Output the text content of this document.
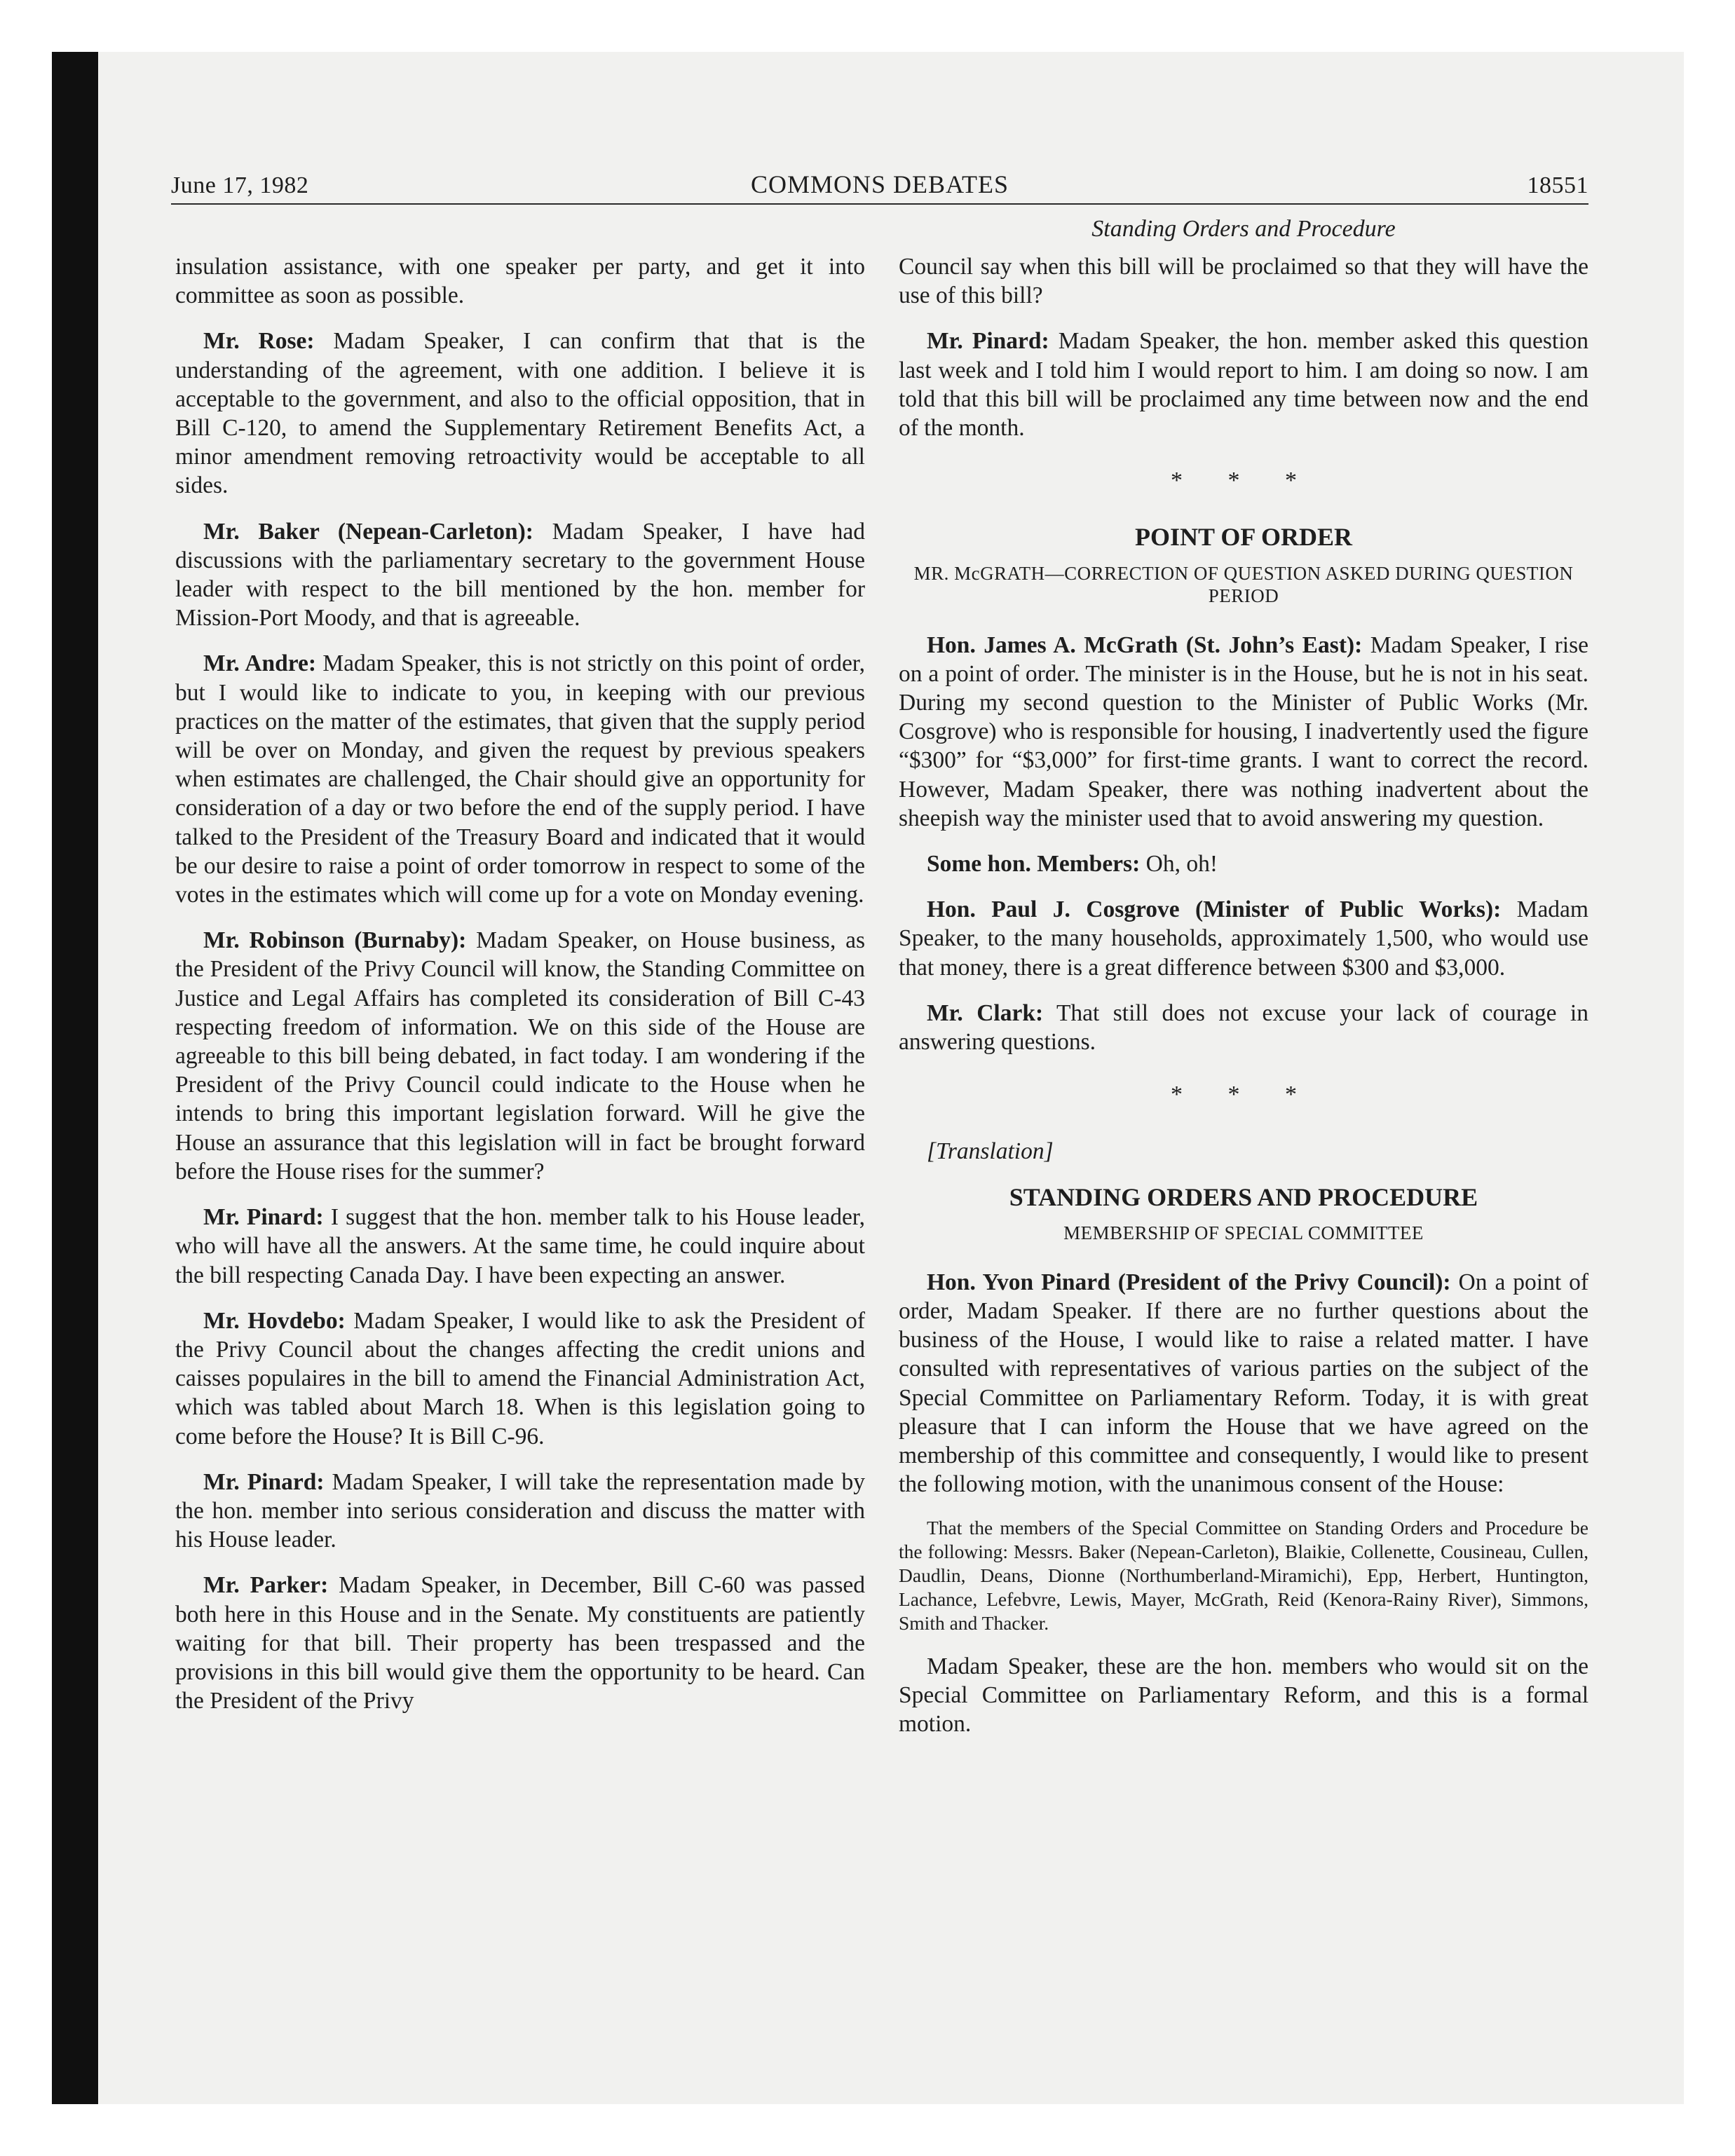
June 17, 1982	COMMONS DEBATES	18551
Standing Orders and Procedure

insulation assistance, with one speaker per party, and get it into committee as soon as possible.

Mr. Rose: Madam Speaker, I can confirm that that is the understanding of the agreement, with one addition. I believe it is acceptable to the government, and also to the official opposition, that in Bill C-120, to amend the Supplementary Retirement Benefits Act, a minor amendment removing retroactivity would be acceptable to all sides.

Mr. Baker (Nepean-Carleton): Madam Speaker, I have had discussions with the parliamentary secretary to the government House leader with respect to the bill mentioned by the hon. member for Mission-Port Moody, and that is agreeable.

Mr. Andre: Madam Speaker, this is not strictly on this point of order, but I would like to indicate to you, in keeping with our previous practices on the matter of the estimates, that given that the supply period will be over on Monday, and given the request by previous speakers when estimates are challenged, the Chair should give an opportunity for consideration of a day or two before the end of the supply period. I have talked to the President of the Treasury Board and indicated that it would be our desire to raise a point of order tomorrow in respect to some of the votes in the estimates which will come up for a vote on Monday evening.

Mr. Robinson (Burnaby): Madam Speaker, on House business, as the President of the Privy Council will know, the Standing Committee on Justice and Legal Affairs has completed its consideration of Bill C-43 respecting freedom of information. We on this side of the House are agreeable to this bill being debated, in fact today. I am wondering if the President of the Privy Council could indicate to the House when he intends to bring this important legislation forward. Will he give the House an assurance that this legislation will in fact be brought forward before the House rises for the summer?

Mr. Pinard: I suggest that the hon. member talk to his House leader, who will have all the answers. At the same time, he could inquire about the bill respecting Canada Day. I have been expecting an answer.

Mr. Hovdebo: Madam Speaker, I would like to ask the President of the Privy Council about the changes affecting the credit unions and caisses populaires in the bill to amend the Financial Administration Act, which was tabled about March 18. When is this legislation going to come before the House? It is Bill C-96.

Mr. Pinard: Madam Speaker, I will take the representation made by the hon. member into serious consideration and discuss the matter with his House leader.

Mr. Parker: Madam Speaker, in December, Bill C-60 was passed both here in this House and in the Senate. My constituents are patiently waiting for that bill. Their property has been trespassed and the provisions in this bill would give them the opportunity to be heard. Can the President of the Privy

Council say when this bill will be proclaimed so that they will have the use of this bill?

Mr. Pinard: Madam Speaker, the hon. member asked this question last week and I told him I would report to him. I am doing so now. I am told that this bill will be proclaimed any time between now and the end of the month.

* * *
POINT OF ORDER
MR. McGRATH—CORRECTION OF QUESTION ASKED DURING QUESTION PERIOD

Hon. James A. McGrath (St. John’s East): Madam Speaker, I rise on a point of order. The minister is in the House, but he is not in his seat. During my second question to the Minister of Public Works (Mr. Cosgrove) who is responsible for housing, I inadvertently used the figure “$300” for “$3,000” for first-time grants. I want to correct the record. However, Madam Speaker, there was nothing inadvertent about the sheepish way the minister used that to avoid answering my question.

Some hon. Members: Oh, oh!

Hon. Paul J. Cosgrove (Minister of Public Works): Madam Speaker, to the many households, approximately 1,500, who would use that money, there is a great difference between $300 and $3,000.

Mr. Clark: That still does not excuse your lack of courage in answering questions.

* * *

[Translation]

STANDING ORDERS AND PROCEDURE
MEMBERSHIP OF SPECIAL COMMITTEE

Hon. Yvon Pinard (President of the Privy Council): On a point of order, Madam Speaker. If there are no further questions about the business of the House, I would like to raise a related matter. I have consulted with representatives of various parties on the subject of the Special Committee on Parliamentary Reform. Today, it is with great pleasure that I can inform the House that we have agreed on the membership of this committee and consequently, I would like to present the following motion, with the unanimous consent of the House:

That the members of the Special Committee on Standing Orders and Procedure be the following: Messrs. Baker (Nepean-Carleton), Blaikie, Collenette, Cousineau, Cullen, Daudlin, Deans, Dionne (Northumberland-Miramichi), Epp, Herbert, Huntington, Lachance, Lefebvre, Lewis, Mayer, McGrath, Reid (Kenora-Rainy River), Simmons, Smith and Thacker.

Madam Speaker, these are the hon. members who would sit on the Special Committee on Parliamentary Reform, and this is a formal motion.
